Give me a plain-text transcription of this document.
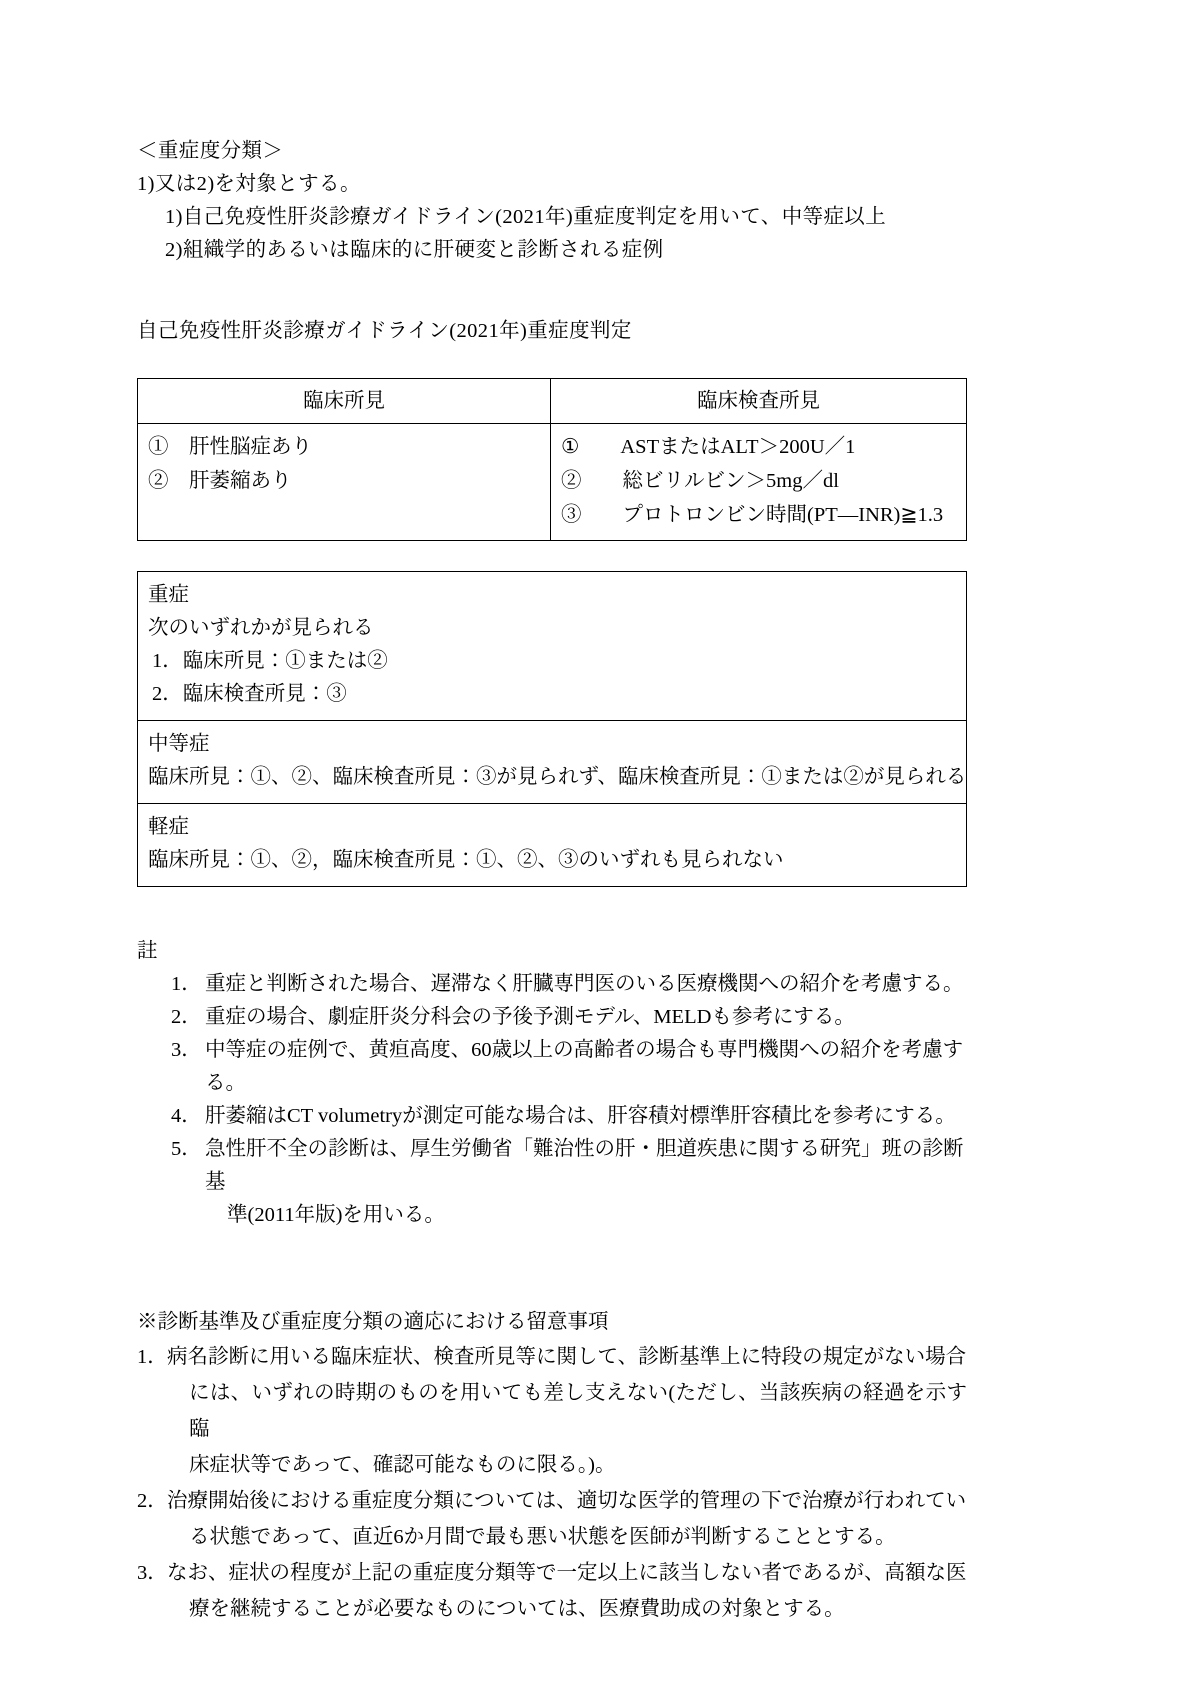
＜重症度分類＞
1)又は2)を対象とする。
1)自己免疫性肝炎診療ガイドライン(2021年)重症度判定を用いて、中等症以上
2)組織学的あるいは臨床的に肝硬変と診断される症例
自己免疫性肝炎診療ガイドライン(2021年)重症度判定
臨床所見	臨床検査所見

①　肝性脳症あり
②　肝萎縮あり

①　　ASTまたはALT＞200U／1
②　　総ビリルビン＞5mg／dl
③　　プロトロンビン時間(PT—INR)≧1.3
重症
次のいずれかが見られる
1．臨床所見：①または②
2．臨床検査所見：③

中等症
臨床所見：①、②、臨床検査所見：③が見られず、臨床検査所見：①または②が見られる

軽症
臨床所見：①、②，臨床検査所見：①、②、③のいずれも見られない
註
1． 重症と判断された場合、遅滞なく肝臓専門医のいる医療機関への紹介を考慮する。
2． 重症の場合、劇症肝炎分科会の予後予測モデル、MELDも参考にする。
3． 中等症の症例で、黄疸高度、60歳以上の高齢者の場合も専門機関への紹介を考慮する。
4． 肝萎縮はCT volumetryが測定可能な場合は、肝容積対標準肝容積比を参考にする。
5． 急性肝不全の診断は、厚生労働省「難治性の肝・胆道疾患に関する研究」班の診断基
準(2011年版)を用いる。
※診断基準及び重症度分類の適応における留意事項
1． 病名診断に用いる臨床症状、検査所見等に関して、診断基準上に特段の規定がない場合
には、いずれの時期のものを用いても差し支えない(ただし、当該疾病の経過を示す臨
床症状等であって、確認可能なものに限る。)。
2． 治療開始後における重症度分類については、適切な医学的管理の下で治療が行われてい
る状態であって、直近6か月間で最も悪い状態を医師が判断することとする。
3． なお、症状の程度が上記の重症度分類等で一定以上に該当しない者であるが、高額な医
療を継続することが必要なものについては、医療費助成の対象とする。
